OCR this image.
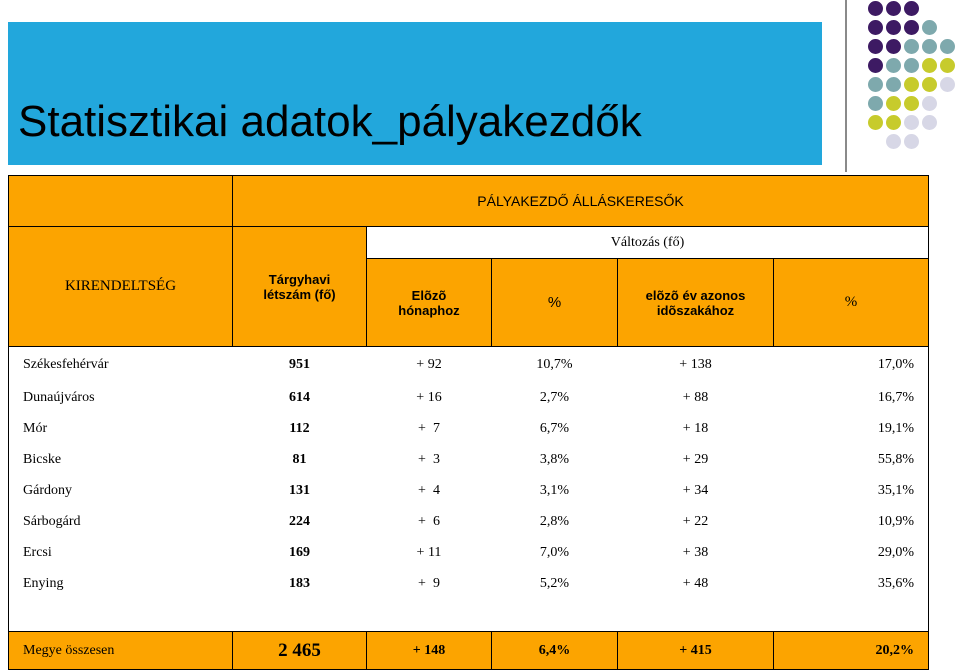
Statisztikai adatok_pályakezdők
	PÁLYAKEZDŐ ÁLLÁSKERESŐK				
KIRENDELTSÉG	Tárgyhavi létszám (fő)	Változás (fő)			
		Elõzõ hónaphoz	%	elõzõ év azonos idõszakához	%
Székesfehérvár	951	+ 92	10,7%	+ 138	17,0%
Dunaújváros	614	+ 16	2,7%	+ 88	16,7%
Mór	112	+  7	6,7%	+ 18	19,1%
Bicske	81	+  3	3,8%	+ 29	55,8%
Gárdony	131	+  4	3,1%	+ 34	35,1%
Sárbogárd	224	+  6	2,8%	+ 22	10,9%
Ercsi	169	+ 11	7,0%	+ 38	29,0%
Enying	183	+  9	5,2%	+ 48	35,6%

Megye összesen	2 465	+ 148	6,4%	+ 415	20,2%
